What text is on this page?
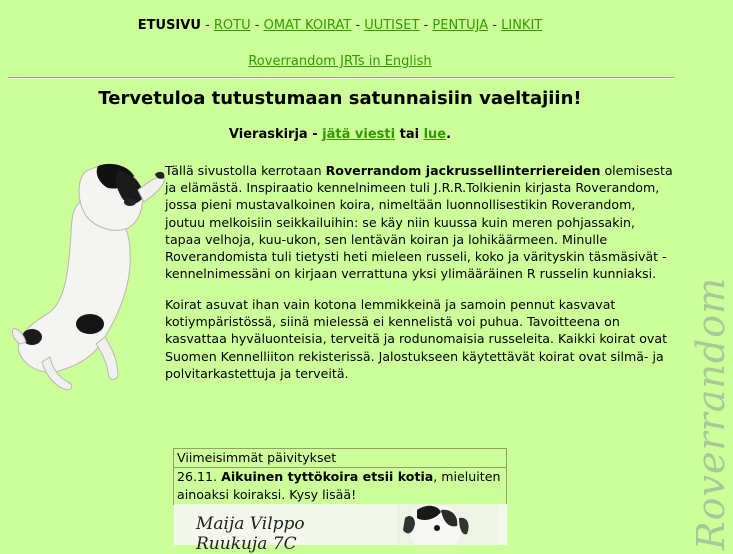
ETUSIVU - ROTU - OMAT KOIRAT - UUTISET - PENTUJA - LINKIT
Roverrandom JRTs in English
Tervetuloa tutustumaan satunnaisiin vaeltajiin!
Vieraskirja - jätä viesti tai lue.
Tällä sivustolla kerrotaan Roverrandom jackrussellinterriereiden olemisesta ja elämästä. Inspiraatio kennelnimeen tuli J.R.R.Tolkienin kirjasta Roverandom, jossa pieni mustavalkoinen koira, nimeltään luonnollisestikin Roverandom, joutuu melkoisiin seikkailuihin: se käy niin kuussa kuin meren pohjassakin, tapaa velhoja, kuu-ukon, sen lentävän koiran ja lohikäärmeen. Minulle Roverandomista tuli tietysti heti mieleen russeli, koko ja värityskin täsmäsivät - kennelnimessäni on kirjaan verrattuna yksi ylimääräinen R russelin kunniaksi.
Koirat asuvat ihan vain kotona lemmikkeinä ja samoin pennut kasvavat kotiympäristössä, siinä mielessä ei kennelistä voi puhua. Tavoitteena on kasvattaa hyväluonteisia, terveitä ja rodunomaisia russeleita. Kaikki koirat ovat Suomen Kennelliiton rekisterissä. Jalostukseen käytettävät koirat ovat silmä- ja polvitarkastettuja ja terveitä.	Roverrandom
Viimeisimmät päivitykset
26.11. Aikuinen tyttökoira etsii kotia, mieluiten ainoaksi koiraksi. Kysy lisää!
Maija Vilppo
Ruukuja 7C
